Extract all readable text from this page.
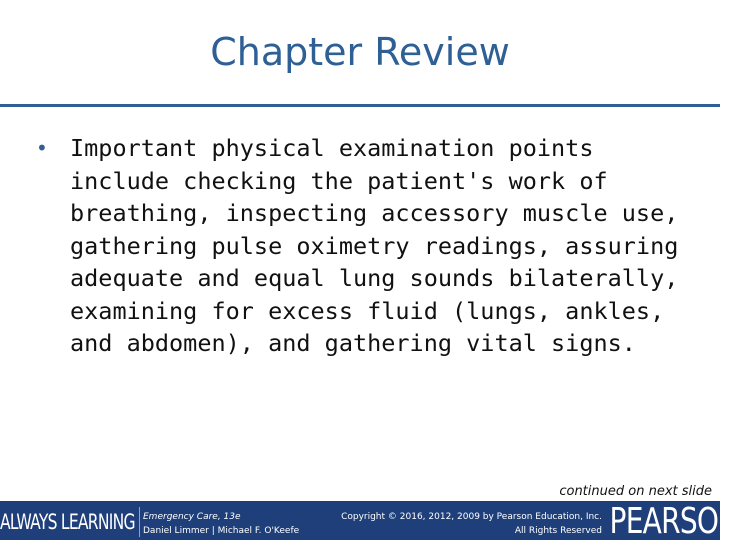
Chapter Review
• Important physical examination points include checking the patient's work of breathing, inspecting accessory muscle use, gathering pulse oximetry readings, assuring adequate and equal lung sounds bilaterally, examining for excess fluid (lungs, ankles, and abdomen), and gathering vital signs.
continued on next slide
ALWAYS LEARNING Emergency Care, 13e
Daniel Limmer | Michael F. O'Keefe
Copyright © 2016, 2012, 2009 by Pearson Education, Inc.
All Rights Reserved PEARSON
